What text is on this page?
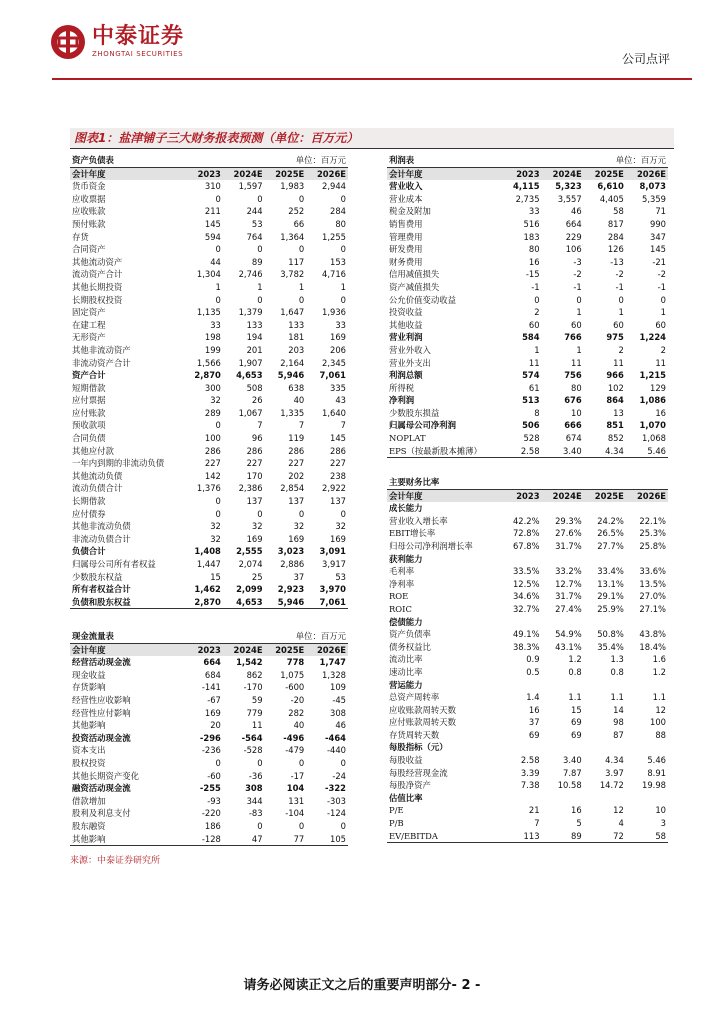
中泰证券
ZHONGTAI SECURITIES	公司点评
图表1：盐津铺子三大财务报表预测（单位：百万元）
资产负债表			单位：百万元	
会计年度	2023	2024E	2025E	2026E
货币资金	310	1,597	1,983	2,944
应收票据	0	0	0	0
应收账款	211	244	252	284
预付账款	145	53	66	80
存货	594	764	1,364	1,255
合同资产	0	0	0	0
其他流动资产	44	89	117	153
流动资产合计	1,304	2,746	3,782	4,716
其他长期投资	1	1	1	1
长期股权投资	0	0	0	0
固定资产	1,135	1,379	1,647	1,936
在建工程	33	133	133	33
无形资产	198	194	181	169
其他非流动资产	199	201	203	206
非流动资产合计	1,566	1,907	2,164	2,345
资产合计	2,870	4,653	5,946	7,061
短期借款	300	508	638	335
应付票据	32	26	40	43
应付账款	289	1,067	1,335	1,640
预收款项	0	7	7	7
合同负债	100	96	119	145
其他应付款	286	286	286	286
一年内到期的非流动负债	227	227	227	227
其他流动负债	142	170	202	238
流动负债合计	1,376	2,386	2,854	2,922
长期借款	0	137	137	137
应付债券	0	0	0	0
其他非流动负债	32	32	32	32
非流动负债合计	32	169	169	169
负债合计	1,408	2,555	3,023	3,091
归属母公司所有者权益	1,447	2,074	2,886	3,917
少数股东权益	15	25	37	53
所有者权益合计	1,462	2,099	2,923	3,970
负债和股东权益	2,870	4,653	5,946	7,061
现金流量表			单位：百万元	
会计年度	2023	2024E	2025E	2026E
经营活动现金流	664	1,542	778	1,747
现金收益	684	862	1,075	1,328
存货影响	-141	-170	-600	109
经营性应收影响	-67	59	-20	-45
经营性应付影响	169	779	282	308
其他影响	20	11	40	46
投资活动现金流	-296	-564	-496	-464
资本支出	-236	-528	-479	-440
股权投资	0	0	0	0
其他长期资产变化	-60	-36	-17	-24
融资活动现金流	-255	308	104	-322
借款增加	-93	344	131	-303
股利及利息支付	-220	-83	-104	-124
股东融资	186	0	0	0
其他影响	-128	47	77	105
利润表			单位：百万元	
会计年度	2023	2024E	2025E	2026E
营业收入	4,115	5,323	6,610	8,073
营业成本	2,735	3,557	4,405	5,359
税金及附加	33	46	58	71
销售费用	516	664	817	990
管理费用	183	229	284	347
研发费用	80	106	126	145
财务费用	16	-3	-13	-21
信用减值损失	-15	-2	-2	-2
资产减值损失	-1	-1	-1	-1
公允价值变动收益	0	0	0	0
投资收益	2	1	1	1
其他收益	60	60	60	60
营业利润	584	766	975	1,224
营业外收入	1	1	2	2
营业外支出	11	11	11	11
利润总额	574	756	966	1,215
所得税	61	80	102	129
净利润	513	676	864	1,086
少数股东损益	8	10	13	16
归属母公司净利润	506	666	851	1,070
NOPLAT	528	674	852	1,068
EPS（按最新股本摊薄）	2.58	3.40	4.34	5.46
主要财务比率				
会计年度	2023	2024E	2025E	2026E
成长能力				
营业收入增长率	42.2%	29.3%	24.2%	22.1%
EBIT增长率	72.8%	27.6%	26.5%	25.3%
归母公司净利润增长率	67.8%	31.7%	27.7%	25.8%
获利能力				
毛利率	33.5%	33.2%	33.4%	33.6%
净利率	12.5%	12.7%	13.1%	13.5%
ROE	34.6%	31.7%	29.1%	27.0%
ROIC	32.7%	27.4%	25.9%	27.1%
偿债能力				
资产负债率	49.1%	54.9%	50.8%	43.8%
债务权益比	38.3%	43.1%	35.4%	18.4%
流动比率	0.9	1.2	1.3	1.6
速动比率	0.5	0.8	0.8	1.2
营运能力				
总资产周转率	1.4	1.1	1.1	1.1
应收账款周转天数	16	15	14	12
应付账款周转天数	37	69	98	100
存货周转天数	69	69	87	88
每股指标（元）				
每股收益	2.58	3.40	4.34	5.46
每股经营现金流	3.39	7.87	3.97	8.91
每股净资产	7.38	10.58	14.72	19.98
估值比率				
P/E	21	16	12	10
P/B	7	5	4	3
EV/EBITDA	113	89	72	58
来源：中泰证券研究所
请务必阅读正文之后的重要声明部分- 2 -
